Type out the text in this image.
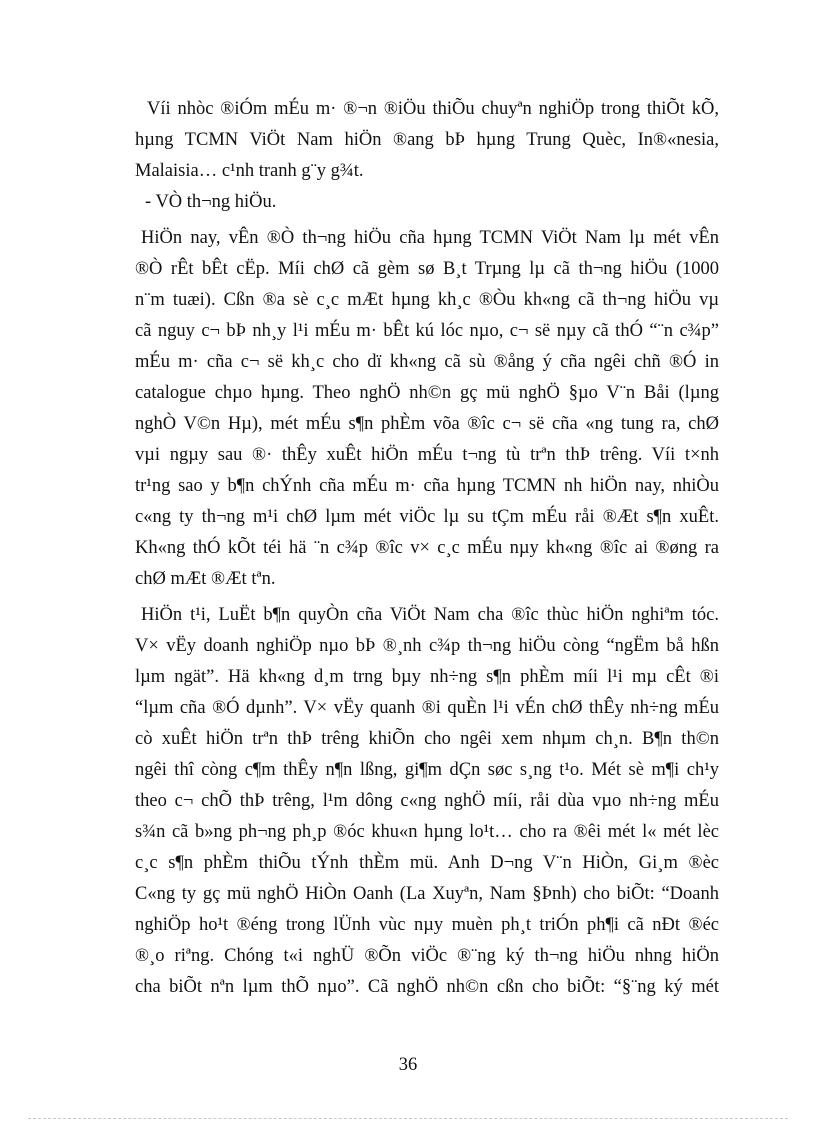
Víi nhòc ®iÓm mÉu m· ®¬n ®iÖu thiÕu chuyªn nghiÖp trong thiÕt kÕ,
hµng TCMN ViÖt Nam hiÖn ®ang bÞ hµng Trung Quèc, In®«nesia,
Malaisia… c¹nh tranh g¨y g¾t.
- VÒ th¬ng hiÖu.
HiÖn nay, vÊn ®Ò th¬ng hiÖu cña hµng TCMN ViÖt Nam lµ mét vÊn
®Ò rÊt bÊt cËp. Míi chØ cã gèm sø B¸t Trµng lµ cã th¬ng hiÖu (1000
n¨m tuæi). Cßn ®a sè c¸c mÆt hµng kh¸c ®Òu kh«ng cã th¬ng hiÖu vµ
cã nguy c¬ bÞ nh¸y l¹i mÉu m· bÊt kú lóc nµo, c¬ së nµy cã thÓ “¨n c¾p”
mÉu m· cña c¬ së kh¸c cho dï kh«ng cã sù ®ång ý cña ngêi chñ ®Ó in
catalogue chµo hµng. Theo nghÖ nh©n gç mü nghÖ §µo V¨n Båi (lµng
nghÒ V©n Hµ), mét mÉu s¶n phÈm võa ®îc c¬ së cña «ng tung ra, chØ
vµi ngµy sau ®· thÊy xuÊt hiÖn mÉu t¬ng tù trªn thÞ trêng. Víi t×nh
tr¹ng sao y b¶n chÝnh cña mÉu m· cña hµng TCMN nh hiÖn nay, nhiÒu
c«ng ty th¬ng m¹i chØ lµm mét viÖc lµ su tÇm mÉu råi ®Æt s¶n xuÊt.
Kh«ng thÓ kÕt téi hä ¨n c¾p ®îc v× c¸c mÉu nµy kh«ng ®îc ai ®øng ra
chØ mÆt ®Æt tªn.
HiÖn t¹i, LuËt b¶n quyÒn cña ViÖt Nam cha ®îc thùc hiÖn nghiªm tóc.
V× vËy doanh nghiÖp nµo bÞ ®¸nh c¾p th¬ng hiÖu còng “ngËm bå hßn
lµm ngät”. Hä kh«ng d¸m trng bµy nh÷ng s¶n phÈm míi l¹i mµ cÊt ®i
“lµm cña ®Ó dµnh”. V× vËy quanh ®i quÈn l¹i vÉn chØ thÊy nh÷ng mÉu
cò xuÊt hiÖn trªn thÞ trêng khiÕn cho ngêi xem nhµm ch¸n. B¶n th©n
ngêi thî còng c¶m thÊy n¶n lßng, gi¶m dÇn søc s¸ng t¹o. Mét sè m¶i ch¹y
theo c¬ chÕ thÞ trêng, l¹m dông c«ng nghÖ míi, råi dùa vµo nh÷ng mÉu
s¾n cã b»ng ph¬ng ph¸p ®óc khu«n hµng lo¹t… cho ra ®êi mét l« mét lèc
c¸c s¶n phÈm thiÕu tÝnh thÈm mü. Anh D¬ng V¨n HiÒn, Gi¸m ®èc
C«ng ty gç mü nghÖ HiÒn Oanh (La Xuyªn, Nam §Þnh) cho biÕt: “Doanh
nghiÖp ho¹t ®éng trong lÜnh vùc nµy muèn ph¸t triÓn ph¶i cã nÐt ®éc
®¸o riªng. Chóng t«i nghÜ ®Õn viÖc ®¨ng ký th¬ng hiÖu nhng hiÖn
cha biÕt nªn lµm thÕ nµo”. Cã nghÖ nh©n cßn cho biÕt: “§¨ng ký mét
36
